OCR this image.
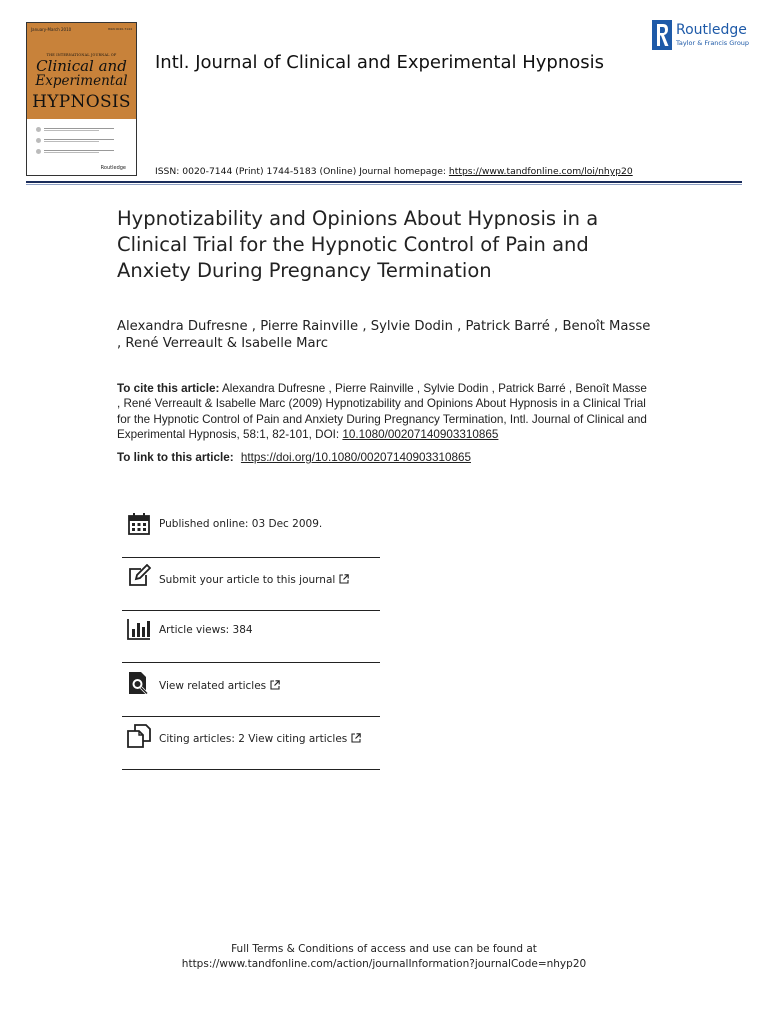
January-March 2010	ISSN 0020-7144
THE INTERNATIONAL JOURNAL OF
Clinical and
Experimental
HYPNOSIS
Routledge
Intl. Journal of Clinical and Experimental Hypnosis
ISSN: 0020-7144 (Print) 1744-5183 (Online) Journal homepage: https://www.tandfonline.com/loi/nhyp20
Routledge
Taylor & Francis Group
Hypnotizability and Opinions About Hypnosis in a Clinical Trial for the Hypnotic Control of Pain and Anxiety During Pregnancy Termination
Alexandra Dufresne , Pierre Rainville , Sylvie Dodin , Patrick Barré , Benoît Masse , René Verreault & Isabelle Marc
To cite this article: Alexandra Dufresne , Pierre Rainville , Sylvie Dodin , Patrick Barré , Benoît Masse , René Verreault & Isabelle Marc (2009) Hypnotizability and Opinions About Hypnosis in a Clinical Trial for the Hypnotic Control of Pain and Anxiety During Pregnancy Termination, Intl. Journal of Clinical and Experimental Hypnosis, 58:1, 82-101, DOI: 10.1080/00207140903310865
To link to this article: https://doi.org/10.1080/00207140903310865
Published online: 03 Dec 2009.
Submit your article to this journal
Article views: 384
View related articles
Citing articles: 2 View citing articles
Full Terms & Conditions of access and use can be found at
https://www.tandfonline.com/action/journalInformation?journalCode=nhyp20
